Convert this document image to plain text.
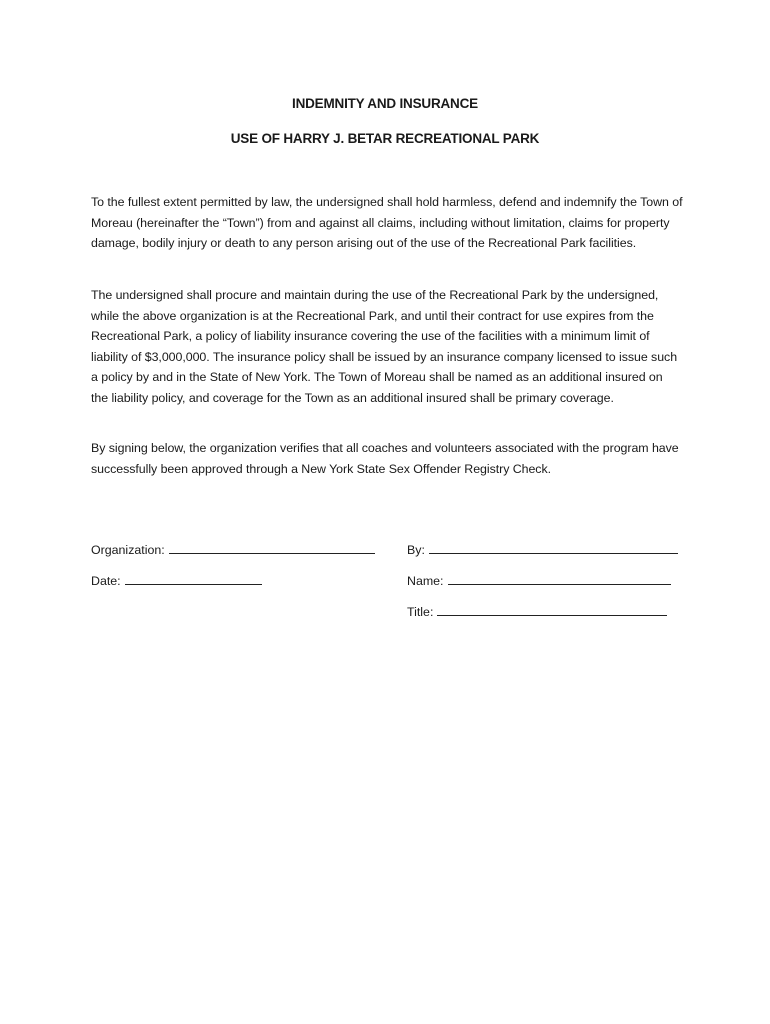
INDEMNITY AND INSURANCE
USE OF HARRY J. BETAR RECREATIONAL PARK

To the fullest extent permitted by law, the undersigned shall hold harmless, defend and indemnify the Town of Moreau (hereinafter the “Town”) from and against all claims, including without limitation, claims for property damage, bodily injury or death to any person arising out of the use of the Recreational Park facilities.

The undersigned shall procure and maintain during the use of the Recreational Park by the undersigned, while the above organization is at the Recreational Park, and until their contract for use expires from the Recreational Park, a policy of liability insurance covering the use of the facilities with a minimum limit of liability of $3,000,000. The insurance policy shall be issued by an insurance company licensed to issue such a policy by and in the State of New York. The Town of Moreau shall be named as an additional insured on the liability policy, and coverage for the Town as an additional insured shall be primary coverage.

By signing below, the organization verifies that all coaches and volunteers associated with the program have successfully been approved through a New York State Sex Offender Registry Check.

Organization:
Date:
By:
Name:
Title:
